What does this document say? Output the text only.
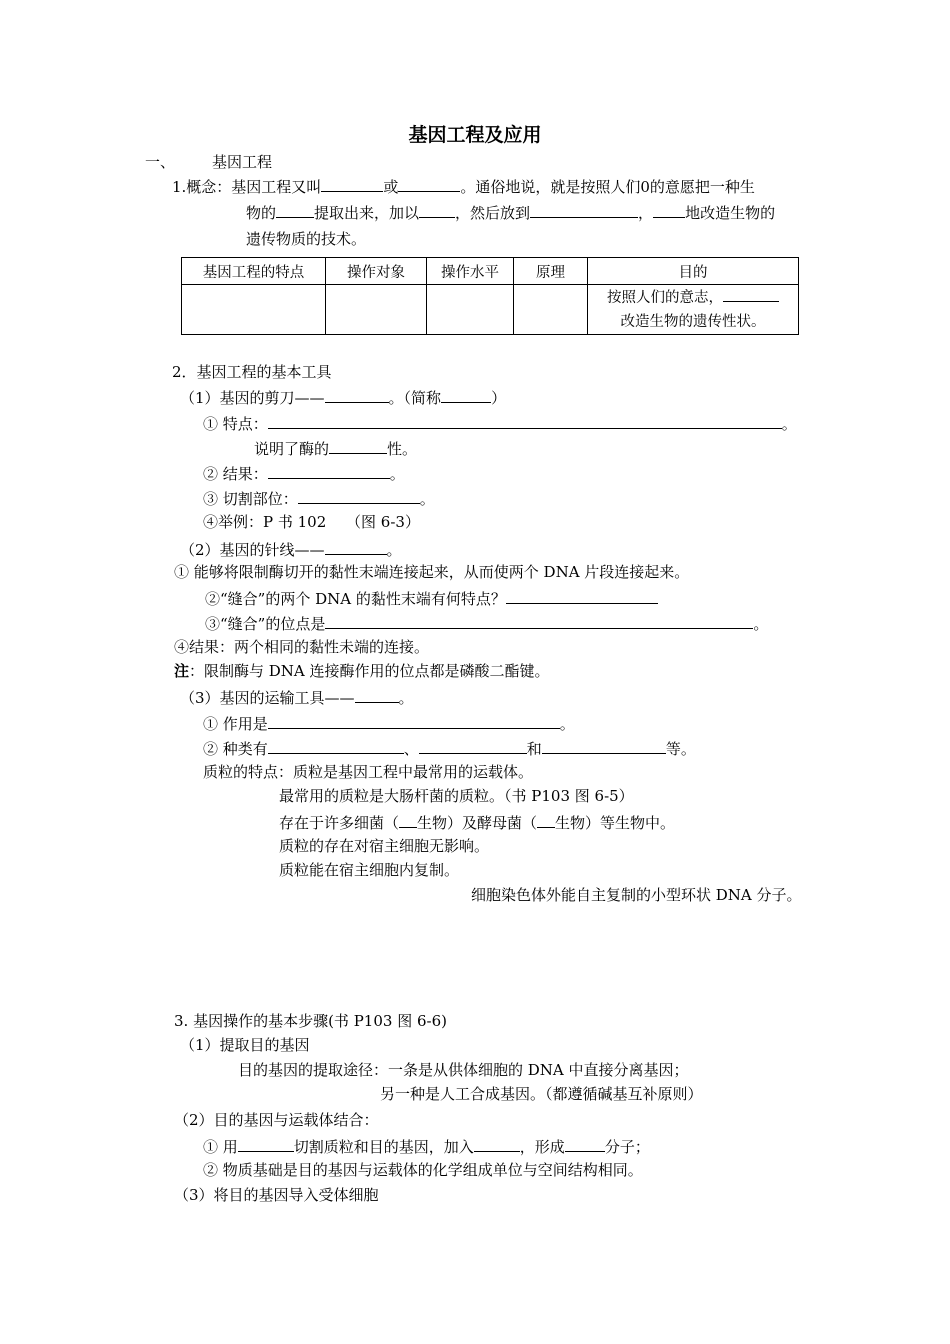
基因工程及应用
一、 基因工程
1.概念：基因工程又叫	或	。通俗地说，就是按照人们0的意愿把一种生
物的	提取出来，加以 ，然后放到	， 地改造生物的
遗传物质的技术。
基因工程的特点	操作对象	操作水平	原理	目的

				按照人们的意志，
改造生物的遗传性状。
2．基因工程的基本工具
（1）基因的剪刀——	。（简称	）
① 特点：	。
说明了酶的	性。
② 结果：	。
③ 切割部位：	。
④举例：P 书 102　 （图 6-3）
（2）基因的针线——	。
① 能够将限制酶切开的黏性末端连接起来，从而使两个 DNA 片段连接起来。
②“缝合”的两个 DNA 的黏性末端有何特点？
③“缝合”的位点是	。
④结果：两个相同的黏性未端的连接。
注：限制酶与 DNA 连接酶作用的位点都是磷酸二酯键。
（3）基因的运输工具——	。
① 作用是	。
② 种类有	、	和	等。
质粒的特点：质粒是基因工程中最常用的运载体。
最常用的质粒是大肠杆菌的质粒。（书 P103 图 6-5）
存在于许多细菌（ 生物）及酵母菌（ 生物）等生物中。
质粒的存在对宿主细胞无影响。
质粒能在宿主细胞内复制。
细胞染色体外能自主复制的小型环状 DNA 分子。
3. 基因操作的基本步骤(书 P103 图 6-6)
（1）提取目的基因
目的基因的提取途径：一条是从供体细胞的 DNA 中直接分离基因；
另一种是人工合成基因。（都遵循碱基互补原则）
（2）目的基因与运载体结合：
① 用	切割质粒和目的基因，加入	，形成	分子；
② 物质基础是目的基因与运载体的化学组成单位与空间结构相同。
（3）将目的基因导入受体细胞
